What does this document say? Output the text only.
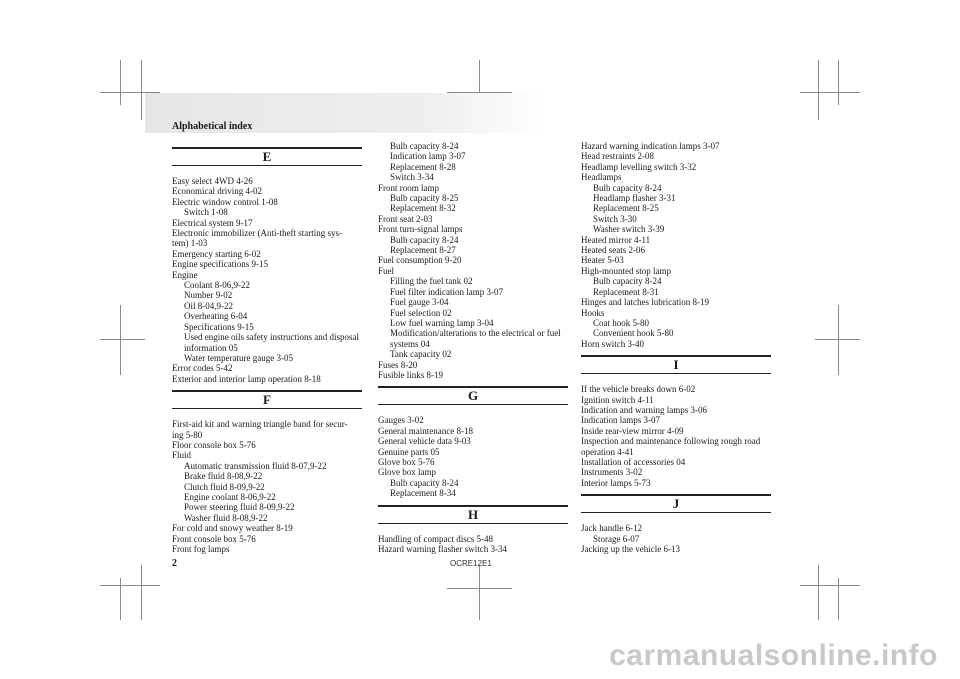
Alphabetical index
E
Easy select 4WD 4-26
Economical driving 4-02
Electric window control 1-08
Switch 1-08
Electrical system 9-17
Electronic immobilizer (Anti-theft starting sys-
tem) 1-03
Emergency starting 6-02
Engine specifications 9-15
Engine
Coolant 8-06,9-22
Number 9-02
Oil 8-04,9-22
Overheating 6-04
Specifications 9-15
Used engine oils safety instructions and disposal
information 05
Water temperature gauge 3-05
Error codes 5-42
Exterior and interior lamp operation 8-18
F
First-aid kit and warning triangle band for secur-
ing 5-80
Floor console box 5-76
Fluid
Automatic transmission fluid 8-07,9-22
Brake fluid 8-08,9-22
Clutch fluid 8-09,9-22
Engine coolant 8-06,9-22
Power steering fluid 8-09,9-22
Washer fluid 8-08,9-22
For cold and snowy weather 8-19
Front console box 5-76
Front fog lamps
Bulb capacity 8-24
Indication lamp 3-07
Replacement 8-28
Switch 3-34
Front room lamp
Bulb capacity 8-25
Replacement 8-32
Front seat 2-03
Front turn-signal lamps
Bulb capacity 8-24
Replacement 8-27
Fuel consumption 9-20
Fuel
Filling the fuel tank 02
Fuel filter indication lamp 3-07
Fuel gauge 3-04
Fuel selection 02
Low fuel warning lamp 3-04
Modification/alterations to the electrical or fuel
systems 04
Tank capacity 02
Fuses 8-20
Fusible links 8-19
G
Gauges 3-02
General maintenance 8-18
General vehicle data 9-03
Genuine parts 05
Glove box 5-76
Glove box lamp
Bulb capacity 8-24
Replacement 8-34
H
Handling of compact discs 5-48
Hazard warning flasher switch 3-34
Hazard warning indication lamps 3-07
Head restraints 2-08
Headlamp levelling switch 3-32
Headlamps
Bulb capacity 8-24
Headlamp flasher 3-31
Replacement 8-25
Switch 3-30
Washer switch 3-39
Heated mirror 4-11
Heated seats 2-06
Heater 5-03
High-mounted stop lamp
Bulb capacity 8-24
Replacement 8-31
Hinges and latches lubrication 8-19
Hooks
Coat hook 5-80
Convenient hook 5-80
Horn switch 3-40
I
If the vehicle breaks down 6-02
Ignition switch 4-11
Indication and warning lamps 3-06
Indication lamps 3-07
Inside rear-view mirror 4-09
Inspection and maintenance following rough road
operation 4-41
Installation of accessories 04
Instruments 3-02
Interior lamps 5-73
J
Jack handle 6-12
Storage 6-07
Jacking up the vehicle 6-13
2	OCRE12E1
carmanualsonline.info
